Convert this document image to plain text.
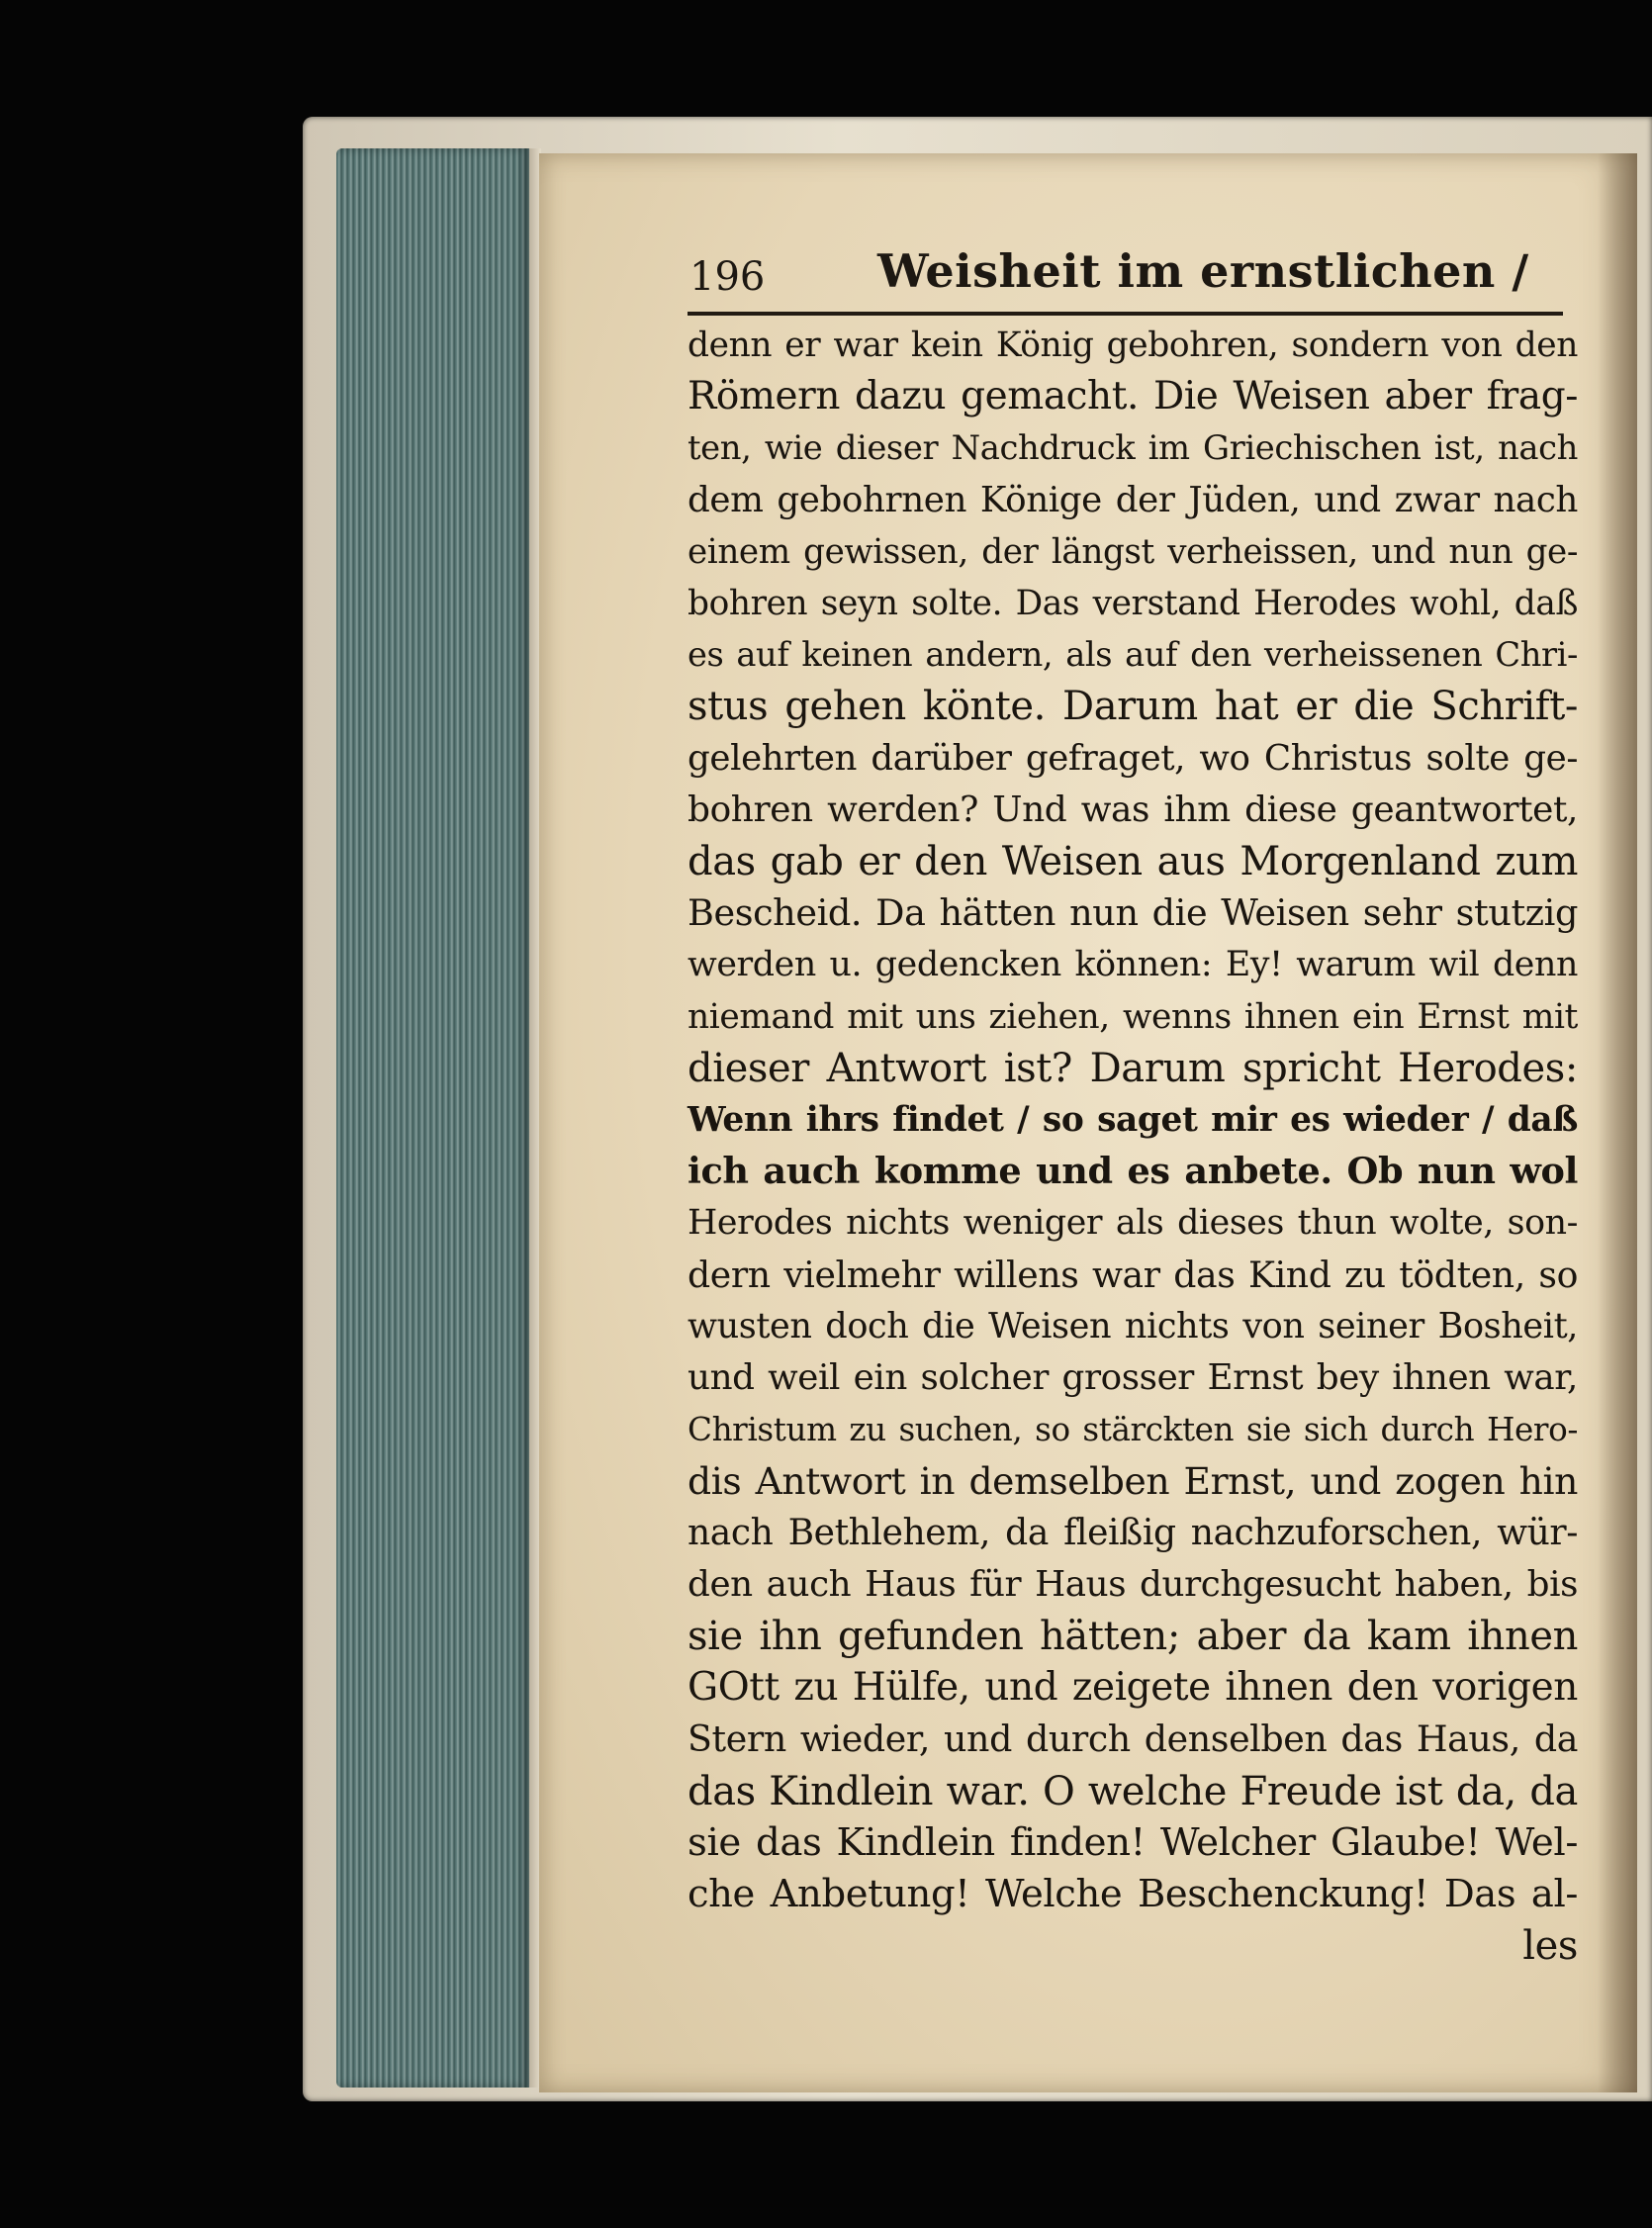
196 Weisheit im ernstlichen /
denn er war kein König gebohren, sondern von den
Römern dazu gemacht. Die Weisen aber frag-
ten, wie dieser Nachdruck im Griechischen ist, nach
dem gebohrnen Könige der Jüden, und zwar nach
einem gewissen, der längst verheissen, und nun ge-
bohren seyn solte. Das verstand Herodes wohl, daß
es auf keinen andern, als auf den verheissenen Chri-
stus gehen könte. Darum hat er die Schrift-
gelehrten darüber gefraget, wo Christus solte ge-
bohren werden? Und was ihm diese geantwortet,
das gab er den Weisen aus Morgenland zum
Bescheid. Da hätten nun die Weisen sehr stutzig
werden u. gedencken können: Ey! warum wil denn
niemand mit uns ziehen, wenns ihnen ein Ernst mit
dieser Antwort ist? Darum spricht Herodes:
Wenn ihrs findet / so saget mir es wieder / daß
ich auch komme und es anbete. Ob nun wol
Herodes nichts weniger als dieses thun wolte, son-
dern vielmehr willens war das Kind zu tödten, so
wusten doch die Weisen nichts von seiner Bosheit,
und weil ein solcher grosser Ernst bey ihnen war,
Christum zu suchen, so stärckten sie sich durch Hero-
dis Antwort in demselben Ernst, und zogen hin
nach Bethlehem, da fleißig nachzuforschen, wür-
den auch Haus für Haus durchgesucht haben, bis
sie ihn gefunden hätten; aber da kam ihnen
GOtt zu Hülfe, und zeigete ihnen den vorigen
Stern wieder, und durch denselben das Haus, da
das Kindlein war. O welche Freude ist da, da
sie das Kindlein finden! Welcher Glaube! Wel-
che Anbetung! Welche Beschenckung! Das al-
les
